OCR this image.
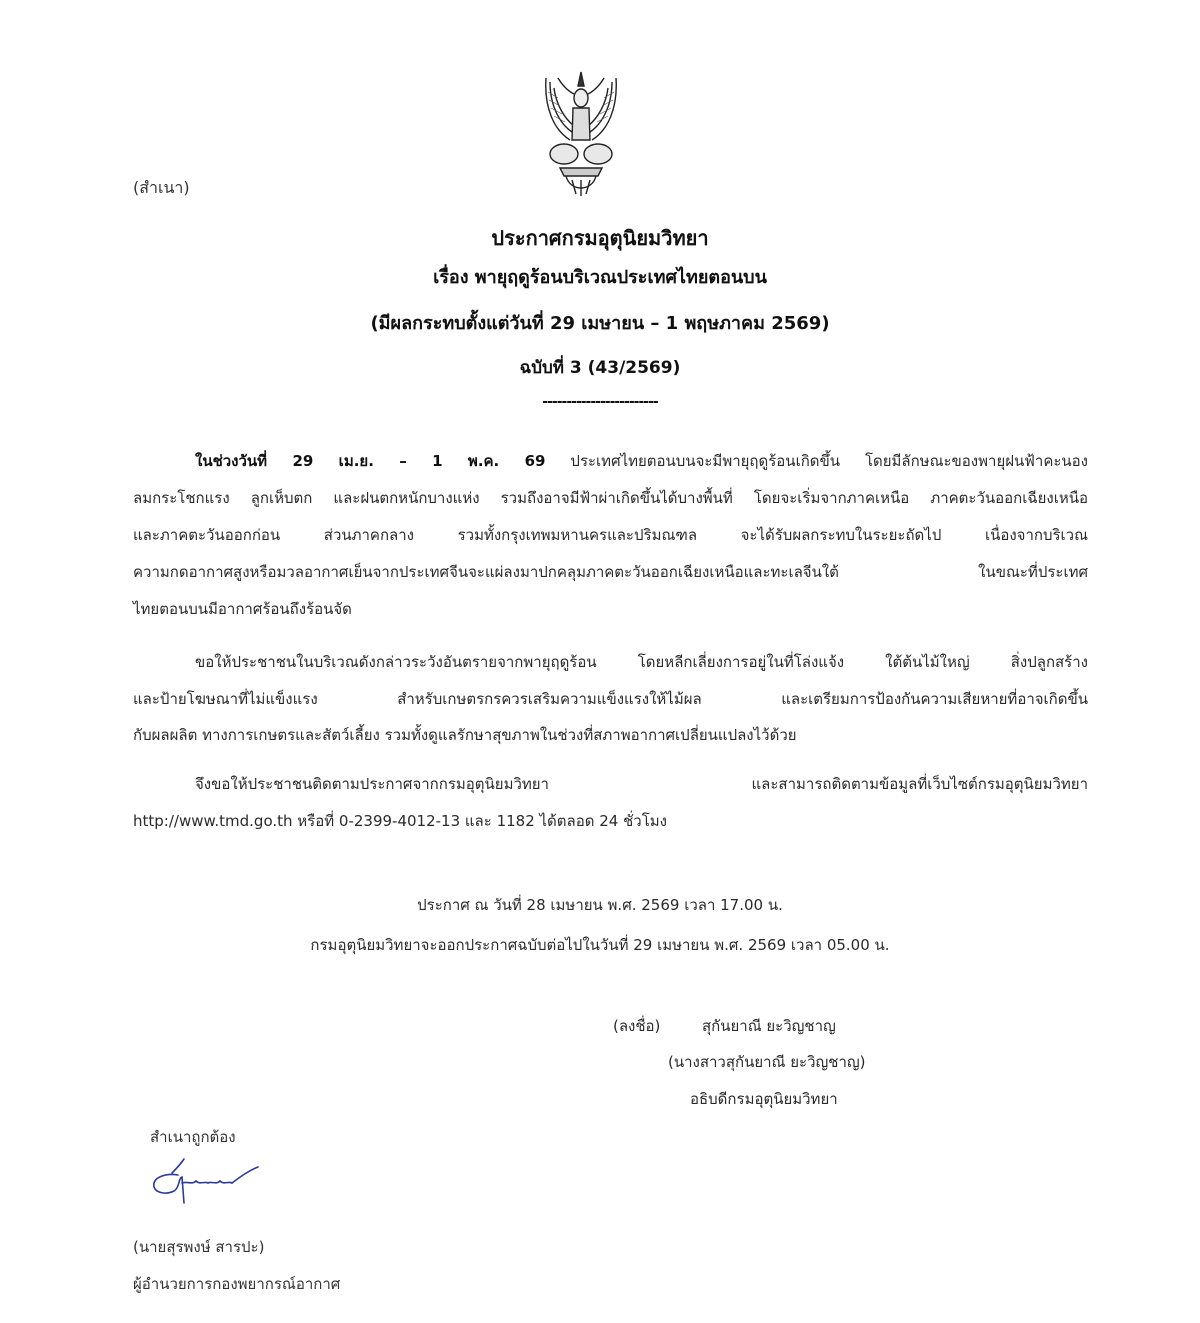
(สำเนา)
ประกาศกรมอุตุนิยมวิทยา
เรื่อง พายุฤดูร้อนบริเวณประเทศไทยตอนบน
(มีผลกระทบตั้งแต่วันที่ 29 เมษายน – 1 พฤษภาคม 2569)
ฉบับที่ 3 (43/2569)
------------------------
ในช่วงวันที่ 29 เม.ย. – 1 พ.ค. 69 ประเทศไทยตอนบนจะมีพายุฤดูร้อนเกิดขึ้น โดยมีลักษณะของพายุฝนฟ้าคะนอง
ลมกระโชกแรง ลูกเห็บตก และฝนตกหนักบางแห่ง รวมถึงอาจมีฟ้าผ่าเกิดขึ้นได้บางพื้นที่ โดยจะเริ่มจากภาคเหนือ ภาคตะวันออกเฉียงเหนือ
และภาคตะวันออกก่อน ส่วนภาคกลาง รวมทั้งกรุงเทพมหานครและปริมณฑล จะได้รับผลกระทบในระยะถัดไป เนื่องจากบริเวณ
ความกดอากาศสูงหรือมวลอากาศเย็นจากประเทศจีนจะแผ่ลงมาปกคลุมภาคตะวันออกเฉียงเหนือและทะเลจีนใต้ ในขณะที่ประเทศ
ไทยตอนบนมีอากาศร้อนถึงร้อนจัด
ขอให้ประชาชนในบริเวณดังกล่าวระวังอันตรายจากพายุฤดูร้อน โดยหลีกเลี่ยงการอยู่ในที่โล่งแจ้ง ใต้ต้นไม้ใหญ่ สิ่งปลูกสร้าง
และป้ายโฆษณาที่ไม่แข็งแรง สำหรับเกษตรกรควรเสริมความแข็งแรงให้ไม้ผล และเตรียมการป้องกันความเสียหายที่อาจเกิดขึ้น
กับผลผลิต ทางการเกษตรและสัตว์เลี้ยง รวมทั้งดูแลรักษาสุขภาพในช่วงที่สภาพอากาศเปลี่ยนแปลงไว้ด้วย
จึงขอให้ประชาชนติดตามประกาศจากกรมอุตุนิยมวิทยา และสามารถติดตามข้อมูลที่เว็บไซต์กรมอุตุนิยมวิทยา
http://www.tmd.go.th หรือที่ 0-2399-4012-13 และ 1182 ได้ตลอด 24 ชั่วโมง
ประกาศ ณ วันที่ 28 เมษายน พ.ศ. 2569 เวลา 17.00 น.
กรมอุตุนิยมวิทยาจะออกประกาศฉบับต่อไปในวันที่ 29 เมษายน พ.ศ. 2569 เวลา 05.00 น.
(ลงชื่อ)	สุกันยาณี ยะวิญชาญ
(นางสาวสุกันยาณี ยะวิญชาญ)
อธิบดีกรมอุตุนิยมวิทยา
สำเนาถูกต้อง
(นายสุรพงษ์ สารปะ)
ผู้อำนวยการกองพยากรณ์อากาศ
